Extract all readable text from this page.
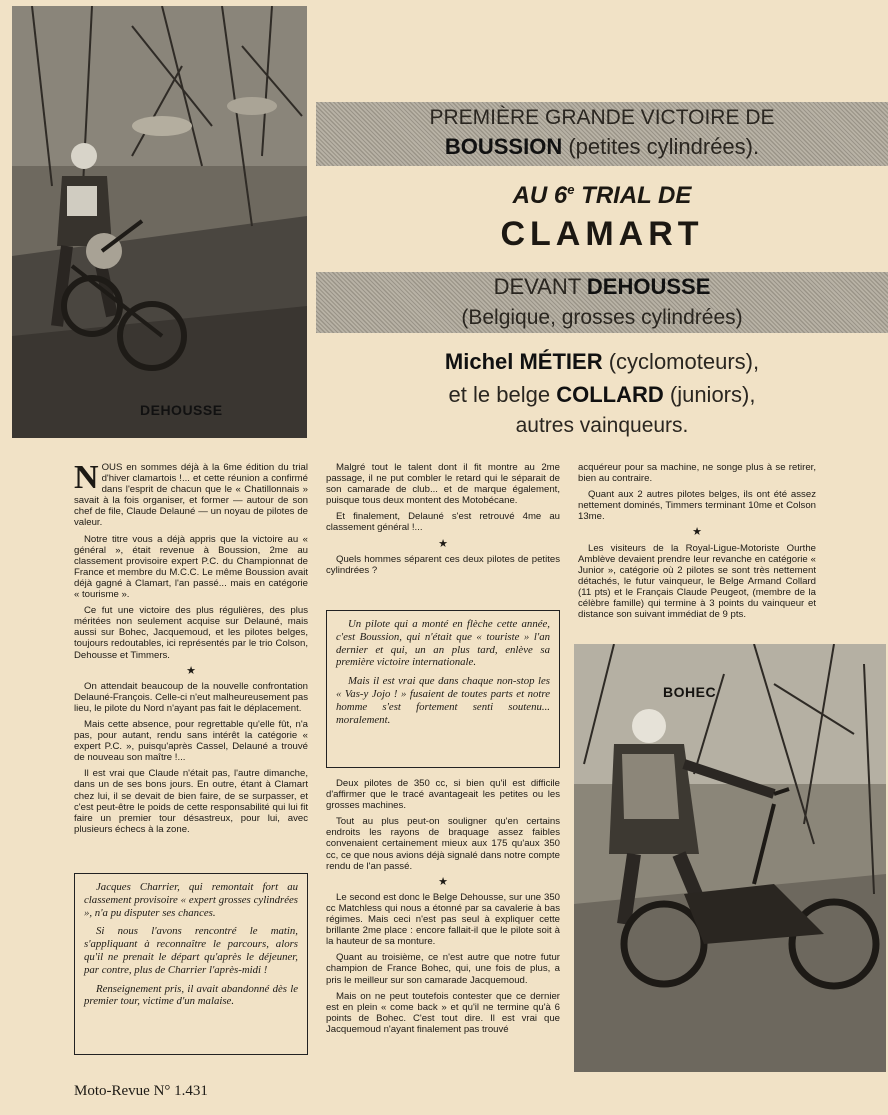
DEHOUSSE
PREMIÈRE GRANDE VICTOIRE DE
BOUSSION (petites cylindrées).
AU 6e TRIAL DE
CLAMART
DEVANT DEHOUSSE
(Belgique, grosses cylindrées)
Michel MÉTIER (cyclomoteurs),
et le belge COLLARD (juniors),
autres vainqueurs.

NOUS en sommes déjà à la 6me édition du trial d'hiver clamartois !... et cette réunion a confirmé dans l'esprit de chacun que le « Chatillonnais » savait à la fois organiser, et former — autour de son chef de file, Claude Delauné — un noyau de pilotes de valeur.

Notre titre vous a déjà appris que la victoire au « général », était revenue à Boussion, 2me au classement provisoire expert P.C. du Championnat de France et membre du M.C.C. Le même Boussion avait déjà gagné à Clamart, l'an passé... mais en catégorie « tourisme ».

Ce fut une victoire des plus régulières, des plus méritées non seulement acquise sur Delauné, mais aussi sur Bohec, Jacquemoud, et les pilotes belges, toujours redoutables, ici représentés par le trio Colson, Dehousse et Timmers.

★

On attendait beaucoup de la nouvelle confrontation Delauné-François. Celle-ci n'eut malheureusement pas lieu, le pilote du Nord n'ayant pas fait le déplacement.

Mais cette absence, pour regrettable qu'elle fût, n'a pas, pour autant, rendu sans intérêt la catégorie « expert P.C. », puisqu'après Cassel, Delauné a trouvé de nouveau son maître !...

Il est vrai que Claude n'était pas, l'autre dimanche, dans un de ses bons jours. En outre, étant à Clamart chez lui, il se devait de bien faire, de se surpasser, et c'est peut-être le poids de cette responsabilité qui lui fit faire un premier tour désastreux, pour lui, avec plusieurs échecs à la zone.

Jacques Charrier, qui remontait fort au classement provisoire « expert grosses cylindrées », n'a pu disputer ses chances.

Si nous l'avons rencontré le matin, s'appliquant à reconnaître le parcours, alors qu'il ne prenait le départ qu'après le déjeuner, par contre, plus de Charrier l'après-midi !

Renseignement pris, il avait abandonné dès le premier tour, victime d'un malaise.

Malgré tout le talent dont il fit montre au 2me passage, il ne put combler le retard qui le séparait de son camarade de club... et de marque également, puisque tous deux montent des Motobécane.

Et finalement, Delauné s'est retrouvé 4me au classement général !...

★

Quels hommes séparent ces deux pilotes de petites cylindrées ?

Un pilote qui a monté en flèche cette année, c'est Boussion, qui n'était que « touriste » l'an dernier et qui, un an plus tard, enlève sa première victoire internationale.

Mais il est vrai que dans chaque non-stop les « Vas-y Jojo ! » fusaient de toutes parts et notre homme s'est fortement senti soutenu... moralement.

Deux pilotes de 350 cc, si bien qu'il est difficile d'affirmer que le tracé avantageait les petites ou les grosses machines.

Tout au plus peut-on souligner qu'en certains endroits les rayons de braquage assez faibles convenaient certainement mieux aux 175 qu'aux 350 cc, ce que nous avions déjà signalé dans notre compte rendu de l'an passé.

★

Le second est donc le Belge Dehousse, sur une 350 cc Matchless qui nous a étonné par sa cavalerie à bas régimes. Mais ceci n'est pas seul à expliquer cette brillante 2me place : encore fallait-il que le pilote soit à la hauteur de sa monture.

Quant au troisième, ce n'est autre que notre futur champion de France Bohec, qui, une fois de plus, a pris le meilleur sur son camarade Jacquemoud.

Mais on ne peut toutefois contester que ce dernier est en plein « come back » et qu'il ne termine qu'à 6 points de Bohec. C'est tout dire. Il est vrai que Jacquemoud n'ayant finalement pas trouvé

acquéreur pour sa machine, ne songe plus à se retirer, bien au contraire.

Quant aux 2 autres pilotes belges, ils ont été assez nettement dominés, Timmers terminant 10me et Colson 13me.

★

Les visiteurs de la Royal-Ligue-Motoriste Ourthe Amblève devaient prendre leur revanche en catégorie « Junior », catégorie où 2 pilotes se sont très nettement détachés, le futur vainqueur, le Belge Armand Collard (11 pts) et le Français Claude Peugeot, (membre de la célèbre famille) qui termine à 3 points du vainqueur et distance son suivant immédiat de 9 pts.

BOHEC
Moto-Revue N° 1.431
